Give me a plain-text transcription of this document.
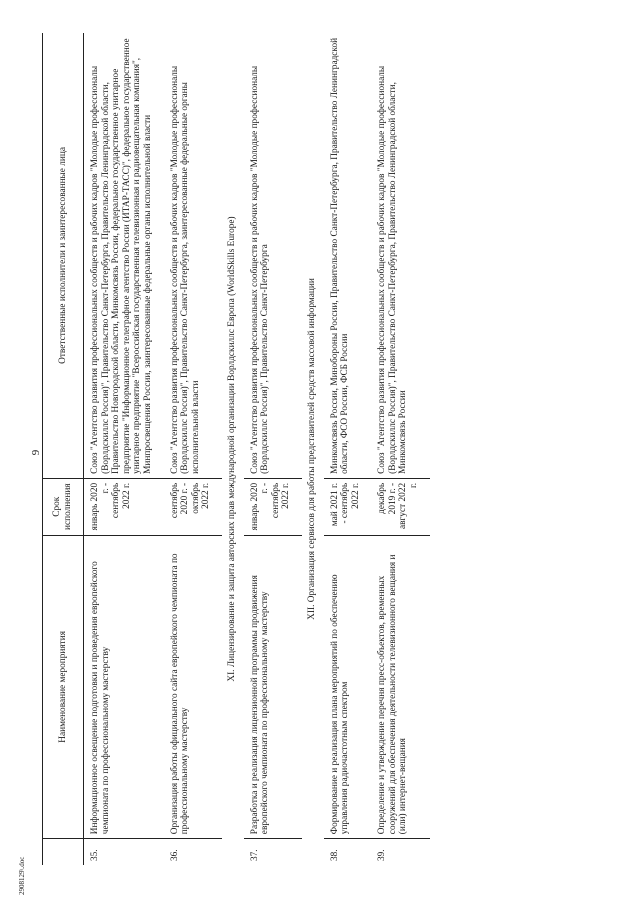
9
	Наименование мероприятия	Срок исполнения	Ответственные исполнители и заинтересованные лица
35.	Информационное освещение подготовки и проведения европейского чемпионата по профессиональному мастерству	январь 2020 г. - сентябрь 2022 г.	Союз "Агентство развития профессиональных сообществ и рабочих кадров "Молодые профессионалы (Ворлдскиллс Россия)", Правительство Санкт-Петербурга, Правительство Ленинградской области, Правительство Новгородской области, Минкомсвязь России, федеральное государственное унитарное предприятие "Информационное телеграфное агентство России (ИТАР-ТАСС)", федеральное государственное унитарное предприятие "Всероссийская государственная телевизионная и радиовещательная компания", Минпросвещения России, заинтересованные федеральные органы исполнительной власти
36.	Организация работы официального сайта европейского чемпионата по профессиональному мастерству	сентябрь 2020 г. - октябрь 2022 г.	Союз "Агентство развития профессиональных сообществ и рабочих кадров "Молодые профессионалы (Ворлдскиллс Россия)", Правительство Санкт-Петербурга, заинтересованные федеральные органы исполнительной власти
XI. Лицензирование и защита авторских прав международной организации Ворлдскиллс Европа (WorldSkills Europe)			
37.	Разработка и реализация лицензионной программы продвижения европейского чемпионата по профессиональному мастерству	январь 2020 г. - сентябрь 2022 г.	Союз "Агентство развития профессиональных сообществ и рабочих кадров "Молодые профессионалы (Ворлдскиллс Россия)", Правительство Санкт-Петербурга
XII. Организация сервисов для работы представителей средств массовой информации			
38.	Формирование и реализация плана мероприятий по обеспечению управления радиочастотным спектром	май 2021 г. - сентябрь 2022 г.	Минкомсвязь России, Минобороны России, Правительство Санкт-Петербурга, Правительство Ленинградской области, ФСО России, ФСБ России
39.	Определение и утверждение перечня пресс-объектов, временных сооружений для обеспечения деятельности телевизионного вещания и (или) интернет-вещания	декабрь 2019 г. - август 2022 г.	Союз "Агентство развития профессиональных сообществ и рабочих кадров "Молодые профессионалы (Ворлдскиллс Россия)", Правительство Санкт-Петербурга, Правительство Ленинградской области, Минкомсвязь России
2908129\.doc
